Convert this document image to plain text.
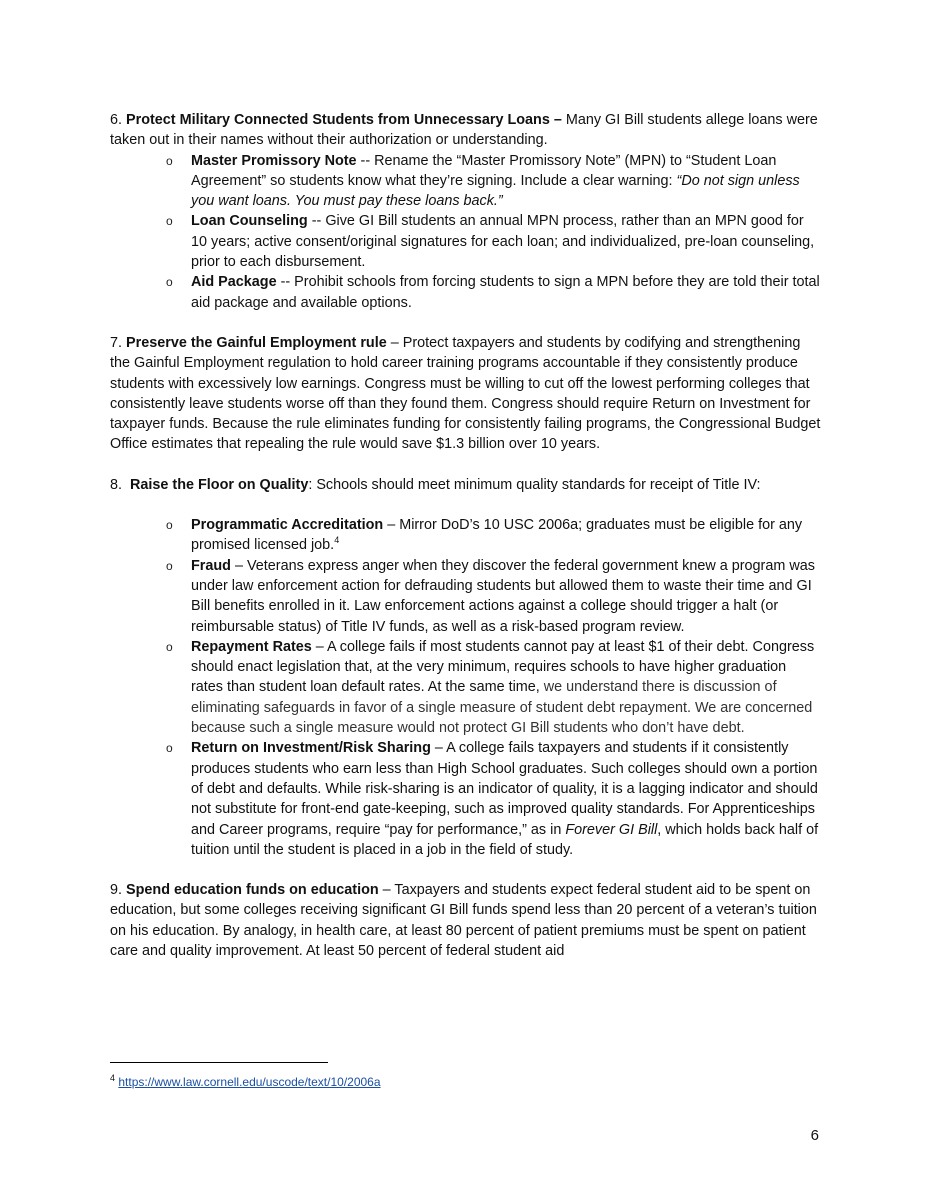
6. Protect Military Connected Students from Unnecessary Loans – Many GI Bill students allege loans were taken out in their names without their authorization or understanding.

o	Master Promissory Note -- Rename the “Master Promissory Note” (MPN) to “Student Loan Agreement” so students know what they’re signing. Include a clear warning: “Do not sign unless you want loans. You must pay these loans back.”
o	Loan Counseling -- Give GI Bill students an annual MPN process, rather than an MPN good for 10 years; active consent/original signatures for each loan; and individualized, pre-loan counseling, prior to each disbursement.
o	Aid Package -- Prohibit schools from forcing students to sign a MPN before they are told their total aid package and available options.

7. Preserve the Gainful Employment rule – Protect taxpayers and students by codifying and strengthening the Gainful Employment regulation to hold career training programs accountable if they consistently produce students with excessively low earnings. Congress must be willing to cut off the lowest performing colleges that consistently leave students worse off than they found them. Congress should require Return on Investment for taxpayer funds. Because the rule eliminates funding for consistently failing programs, the Congressional Budget Office estimates that repealing the rule would save $1.3 billion over 10 years.

8. Raise the Floor on Quality: Schools should meet minimum quality standards for receipt of Title IV:

o	Programmatic Accreditation – Mirror DoD’s 10 USC 2006a; graduates must be eligible for any promised licensed job.$^4$
o	Fraud – Veterans express anger when they discover the federal government knew a program was under law enforcement action for defrauding students but allowed them to waste their time and GI Bill benefits enrolled in it. Law enforcement actions against a college should trigger a halt (or reimbursable status) of Title IV funds, as well as a risk-based program review.
o	Repayment Rates – A college fails if most students cannot pay at least $1 of their debt. Congress should enact legislation that, at the very minimum, requires schools to have higher graduation rates than student loan default rates. At the same time, we understand there is discussion of eliminating safeguards in favor of a single measure of student debt repayment. We are concerned because such a single measure would not protect GI Bill students who don’t have debt.
o	Return on Investment/Risk Sharing – A college fails taxpayers and students if it consistently produces students who earn less than High School graduates. Such colleges should own a portion of debt and defaults. While risk-sharing is an indicator of quality, it is a lagging indicator and should not substitute for front-end gate-keeping, such as improved quality standards. For Apprenticeships and Career programs, require “pay for performance,” as in Forever GI Bill, which holds back half of tuition until the student is placed in a job in the field of study.

9. Spend education funds on education – Taxpayers and students expect federal student aid to be spent on education, but some colleges receiving significant GI Bill funds spend less than 20 percent of a veteran’s tuition on his education. By analogy, in health care, at least 80 percent of patient premiums must be spent on patient care and quality improvement. At least 50 percent of federal student aid

$^4$ https://www.law.cornell.edu/uscode/text/10/2006a
6
